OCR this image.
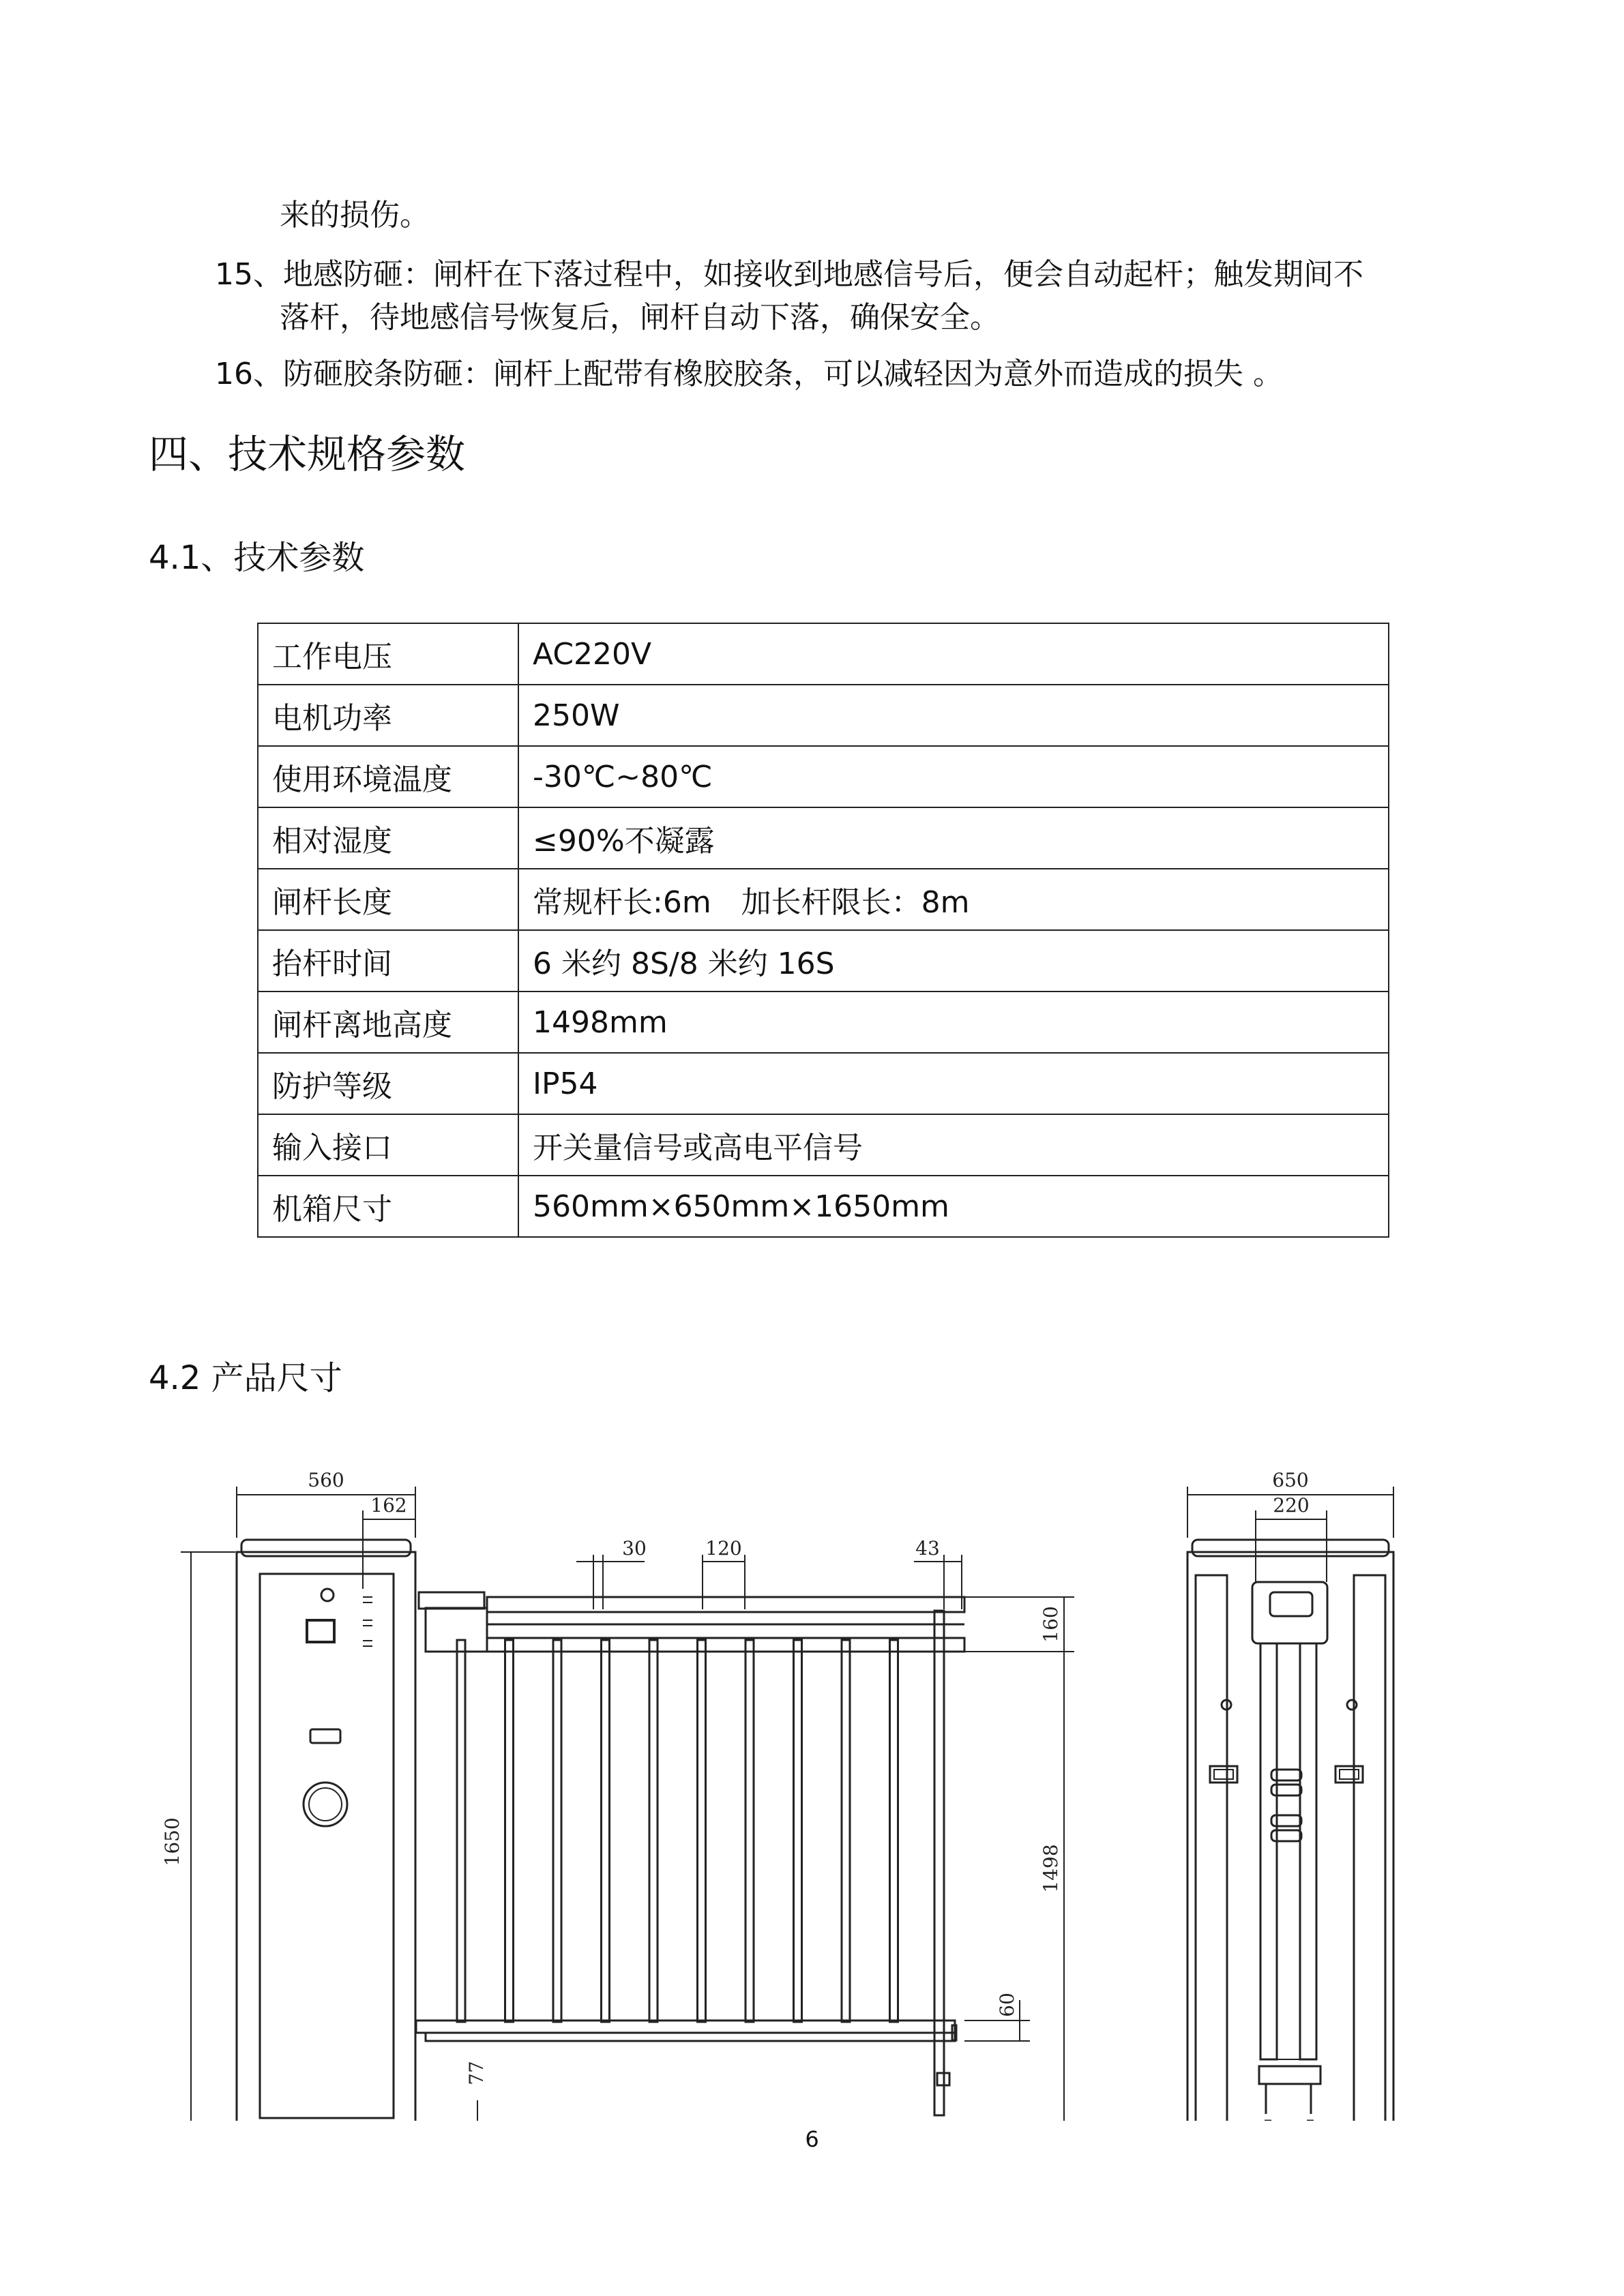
来的损伤。
15、地感防砸：闸杆在下落过程中，如接收到地感信号后，便会自动起杆；触发期间不
落杆，待地感信号恢复后，闸杆自动下落，确保安全。
16、防砸胶条防砸：闸杆上配带有橡胶胶条，可以减轻因为意外而造成的损失 。
四、技术规格参数
4.1、技术参数
工作电压	AC220V
电机功率	250W
使用环境温度	-30℃~80℃
相对湿度	≤90%不凝露
闸杆长度	常规杆长:6m　加长杆限长：8m
抬杆时间	6 米约 8S/8 米约 16S
闸杆离地高度	1498mm
防护等级	IP54
输入接口	开关量信号或高电平信号
机箱尺寸	560mm×650mm×1650mm
4.2 产品尺寸
560
162
30	120	43
650
220
1650
160
1498
60
77
6
